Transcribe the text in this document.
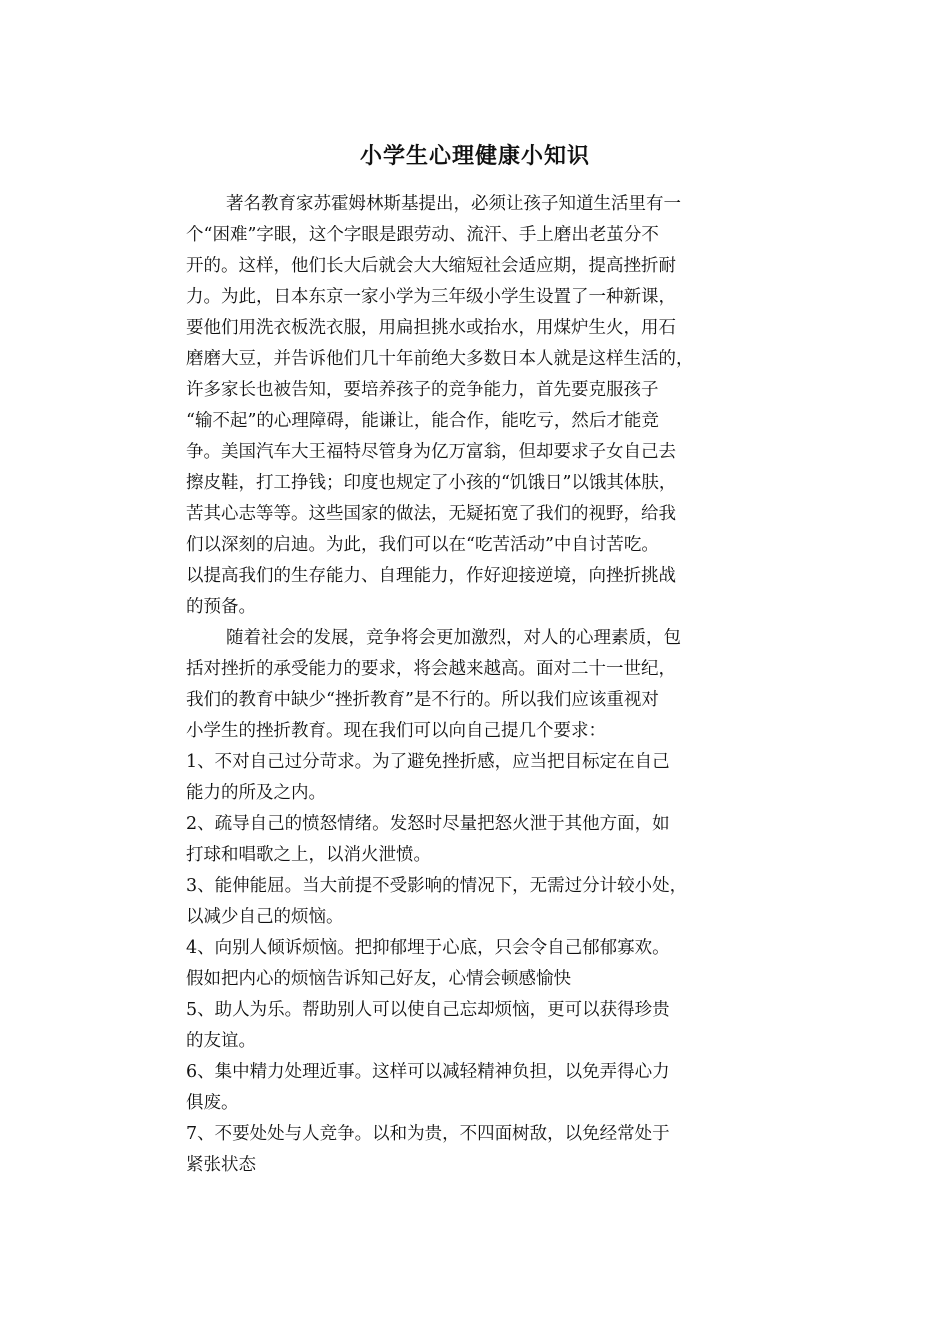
小学生心理健康小知识
著名教育家苏霍姆林斯基提出，必须让孩子知道生活里有一
个“困难”字眼，这个字眼是跟劳动、流汗、手上磨出老茧分不
开的。这样，他们长大后就会大大缩短社会适应期，提高挫折耐
力。为此，日本东京一家小学为三年级小学生设置了一种新课，
要他们用洗衣板洗衣服，用扁担挑水或抬水，用煤炉生火，用石
磨磨大豆，并告诉他们几十年前绝大多数日本人就是这样生活的，
许多家长也被告知，要培养孩子的竞争能力，首先要克服孩子
“输不起”的心理障碍，能谦让，能合作，能吃亏，然后才能竞
争。美国汽车大王福特尽管身为亿万富翁，但却要求子女自己去
擦皮鞋，打工挣钱；印度也规定了小孩的“饥饿日”以饿其体肤，
苦其心志等等。这些国家的做法，无疑拓宽了我们的视野，给我
们以深刻的启迪。为此，我们可以在“吃苦活动”中自讨苦吃。
以提高我们的生存能力、自理能力，作好迎接逆境，向挫折挑战
的预备。
随着社会的发展，竞争将会更加激烈，对人的心理素质，包
括对挫折的承受能力的要求，将会越来越高。面对二十一世纪，
我们的教育中缺少“挫折教育”是不行的。所以我们应该重视对
小学生的挫折教育。现在我们可以向自己提几个要求：
1、不对自己过分苛求。为了避免挫折感，应当把目标定在自己
能力的所及之内。
2、疏导自己的愤怒情绪。发怒时尽量把怒火泄于其他方面，如
打球和唱歌之上，以消火泄愤。
3、能伸能屈。当大前提不受影响的情况下，无需过分计较小处，
以减少自己的烦恼。
4、向别人倾诉烦恼。把抑郁埋于心底，只会令自己郁郁寡欢。
假如把内心的烦恼告诉知己好友，心情会顿感愉快
5、助人为乐。帮助别人可以使自己忘却烦恼，更可以获得珍贵
的友谊。
6、集中精力处理近事。这样可以减轻精神负担，以免弄得心力
俱废。
7、不要处处与人竞争。以和为贵，不四面树敌，以免经常处于
紧张状态
